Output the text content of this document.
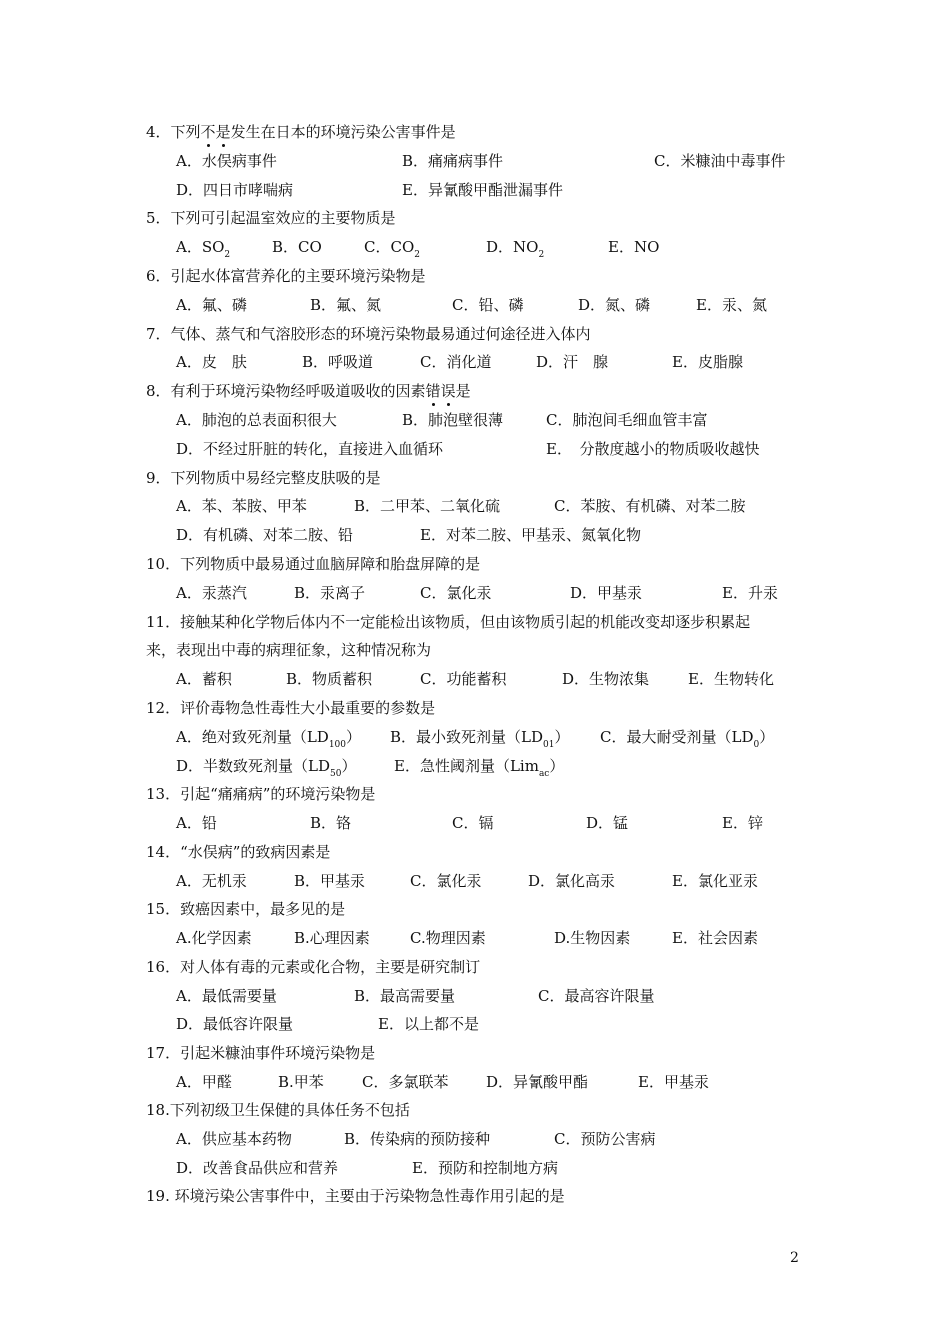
4．下列不是发生在日本的环境污染公害事件是
A．水俣病事件	B．痛痛病事件	C．米糠油中毒事件
D．四日市哮喘病	E．异氰酸甲酯泄漏事件
5．下列可引起温室效应的主要物质是
A．$SO_2$	B．CO	C．$CO_2$	D．$NO_2$	E．NO
6．引起水体富营养化的主要环境污染物是
A．氟、磷	B．氟、氮	C．铅、磷	D．氮、磷	E．汞、氮
7．气体、蒸气和气溶胶形态的环境污染物最易通过何途径进入体内
A．皮　肤	B．呼吸道	C．消化道	D．汗　腺	E．皮脂腺
8．有利于环境污染物经呼吸道吸收的因素错误是
A．肺泡的总表面积很大	B．肺泡壁很薄	C．肺泡间毛细血管丰富
D．不经过肝脏的转化，直接进入血循环	E．　分散度越小的物质吸收越快
9．下列物质中易经完整皮肤吸的是
A．苯、苯胺、甲苯	B．二甲苯、二氧化硫	C．苯胺、有机磷、对苯二胺
D．有机磷、对苯二胺、铅	E．对苯二胺、甲基汞、氮氧化物
10．下列物质中最易通过血脑屏障和胎盘屏障的是
A．汞蒸汽	B．汞离子	C．氯化汞	D．甲基汞	E．升汞
11．接触某种化学物后体内不一定能检出该物质，但由该物质引起的机能改变却逐步积累起
来，表现出中毒的病理征象，这种情况称为
A．蓄积	B．物质蓄积	C．功能蓄积	D．生物浓集	E．生物转化
12．评价毒物急性毒性大小最重要的参数是
A．绝对致死剂量$(LD_{100})$ B．最小致死剂量$(LD_{01})$ C．最大耐受剂量$(LD_0)$
D．半数致死剂量$(LD_{50})$	E．急性阈剂量（Lim$_{ac}$）
13．引起“痛痛病”的环境污染物是
A．铅	B．铬	C．镉	D．锰	E．锌
14．“水俣病”的致病因素是
A．无机汞	B．甲基汞	C．氯化汞	D．氯化高汞	E．氯化亚汞
15．致癌因素中，最多见的是
A.化学因素	B.心理因素	C.物理因素	D.生物因素	E．社会因素
16．对人体有毒的元素或化合物，主要是研究制订
A．最低需要量	B．最高需要量	C．最高容许限量
D．最低容许限量	E．以上都不是
17．引起米糠油事件环境污染物是
A．甲醛	B.甲苯	C．多氯联苯	D．异氰酸甲酯	E．甲基汞
18.下列初级卫生保健的具体任务不包括
A．供应基本药物	B．传染病的预防接种	C．预防公害病
D．改善食品供应和营养	E．预防和控制地方病
19. 环境污染公害事件中，主要由于污染物急性毒作用引起的是
2
